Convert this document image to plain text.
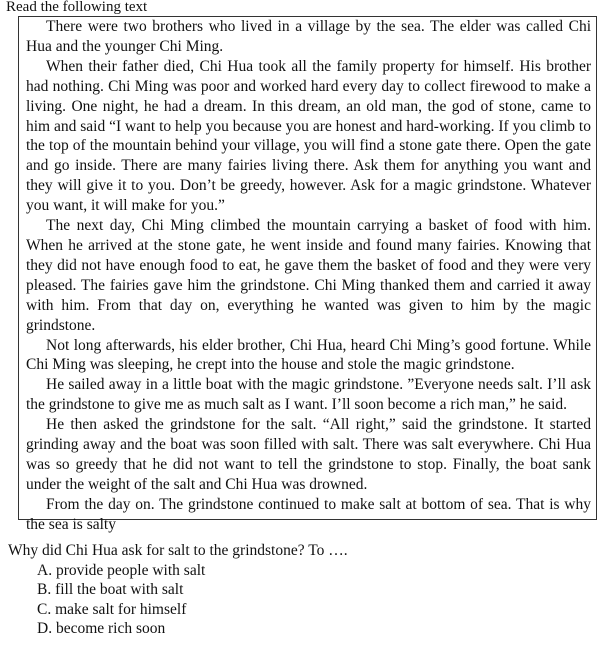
Read the following text

There were two brothers who lived in a village by the sea. The elder was called Chi Hua and the younger Chi Ming.

When their father died, Chi Hua took all the family property for himself. His brother had nothing. Chi Ming was poor and worked hard every day to collect firewood to make a living. One night, he had a dream. In this dream, an old man, the god of stone, came to him and said “I want to help you because you are honest and hard-working. If you climb to the top of the mountain behind your village, you will find a stone gate there. Open the gate and go inside. There are many fairies living there. Ask them for anything you want and they will give it to you. Don’t be greedy, however. Ask for a magic grindstone. Whatever you want, it will make for you.”

The next day, Chi Ming climbed the mountain carrying a basket of food with him. When he arrived at the stone gate, he went inside and found many fairies. Knowing that they did not have enough food to eat, he gave them the basket of food and they were very pleased. The fairies gave him the grindstone. Chi Ming thanked them and carried it away with him. From that day on, everything he wanted was given to him by the magic grindstone.

Not long afterwards, his elder brother, Chi Hua, heard Chi Ming’s good fortune. While Chi Ming was sleeping, he crept into the house and stole the magic grindstone.

He sailed away in a little boat with the magic grindstone. ”Everyone needs salt. I’ll ask the grindstone to give me as much salt as I want. I’ll soon become a rich man,” he said.

He then asked the grindstone for the salt. “All right,” said the grindstone. It started grinding away and the boat was soon filled with salt. There was salt everywhere. Chi Hua was so greedy that he did not want to tell the grindstone to stop. Finally, the boat sank under the weight of the salt and Chi Hua was drowned.

From the day on. The grindstone continued to make salt at bottom of sea. That is why the sea is salty

Why did Chi Hua ask for salt to the grindstone? To ….
A. provide people with salt
B. fill the boat with salt
C. make salt for himself
D. become rich soon
